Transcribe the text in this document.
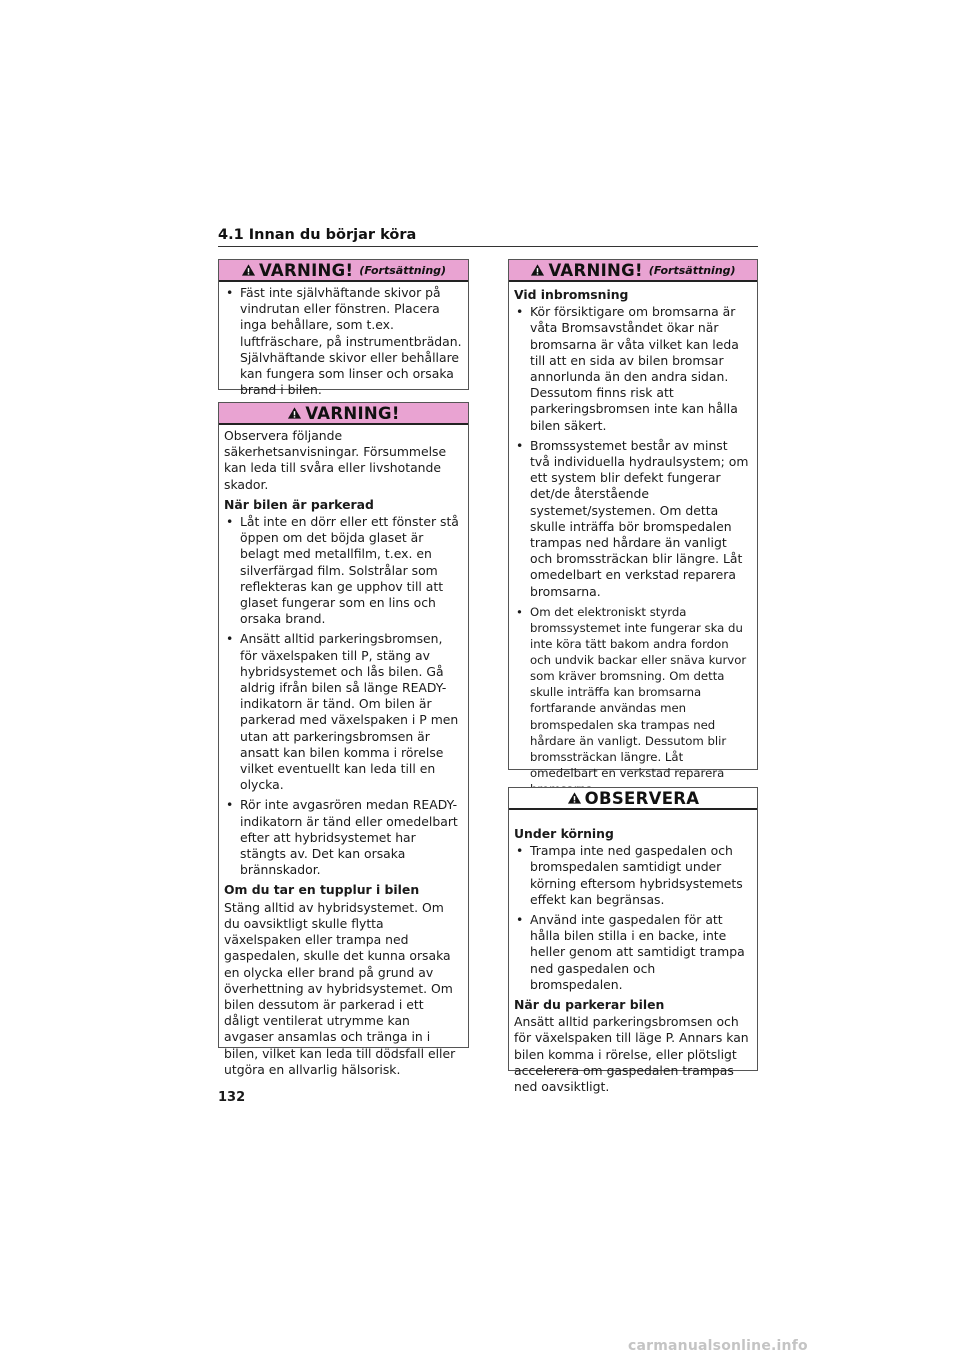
4.1 Innan du börjar köra
VARNING! (Fortsättning)
• Fäst inte självhäftande skivor på vindrutan eller fönstren. Placera inga behållare, som t.ex. luftfräschare, på instrumentbrädan. Självhäftande skivor eller behållare kan fungera som linser och orsaka brand i bilen.
VARNING!

Observera följande säkerhetsanvisningar. Försummelse kan leda till svåra eller livshotande skador.

När bilen är parkerad
• Låt inte en dörr eller ett fönster stå öppen om det böjda glaset är belagt med metallfilm, t.ex. en silverfärgad film. Solstrålar som reflekteras kan ge upphov till att glaset fungerar som en lins och orsaka brand.
• Ansätt alltid parkeringsbromsen, för växelspaken till P, stäng av hybridsystemet och lås bilen. Gå aldrig ifrån bilen så länge READY-indikatorn är tänd. Om bilen är parkerad med växelspaken i P men utan att parkeringsbromsen är ansatt kan bilen komma i rörelse vilket eventuellt kan leda till en olycka.
• Rör inte avgasrören medan READY-indikatorn är tänd eller omedelbart efter att hybridsystemet har stängts av. Det kan orsaka brännskador.
Om du tar en tupplur i bilen

Stäng alltid av hybridsystemet. Om du oavsiktligt skulle flytta växelspaken eller trampa ned gaspedalen, skulle det kunna orsaka en olycka eller brand på grund av överhettning av hybridsystemet. Om bilen dessutom är parkerad i ett dåligt ventilerat utrymme kan avgaser ansamlas och tränga in i bilen, vilket kan leda till dödsfall eller utgöra en allvarlig hälsorisk.

VARNING! (Fortsättning)
Vid inbromsning
• Kör försiktigare om bromsarna är våta Bromsavståndet ökar när bromsarna är våta vilket kan leda till att en sida av bilen bromsar annorlunda än den andra sidan. Dessutom finns risk att parkeringsbromsen inte kan hålla bilen säkert.
• Bromssystemet består av minst två individuella hydraulsystem; om ett system blir defekt fungerar det/de återstående systemet/systemen. Om detta skulle inträffa bör bromspedalen trampas ned hårdare än vanligt och bromssträckan blir längre. Låt omedelbart en verkstad reparera bromsarna.
• Om det elektroniskt styrda bromssystemet inte fungerar ska du inte köra tätt bakom andra fordon och undvik backar eller snäva kurvor som kräver bromsning. Om detta skulle inträffa kan bromsarna fortfarande användas men bromspedalen ska trampas ned hårdare än vanligt. Dessutom blir bromssträckan längre. Låt omedelbart en verkstad reparera
OBSERVERA
Under körning
• Trampa inte ned gaspedalen och bromspedalen samtidigt under körning eftersom hybridsystemets effekt kan begränsas.
• Använd inte gaspedalen för att hålla bilen stilla i en backe, inte heller genom att samtidigt trampa ned gaspedalen och bromspedalen.
När du parkerar bilen

Ansätt alltid parkeringsbromsen och för växelspaken till läge P. Annars kan bilen komma i rörelse, eller plötsligt accelerera om gaspedalen trampas ned oavsiktligt.

132
carmanualsonline.info
